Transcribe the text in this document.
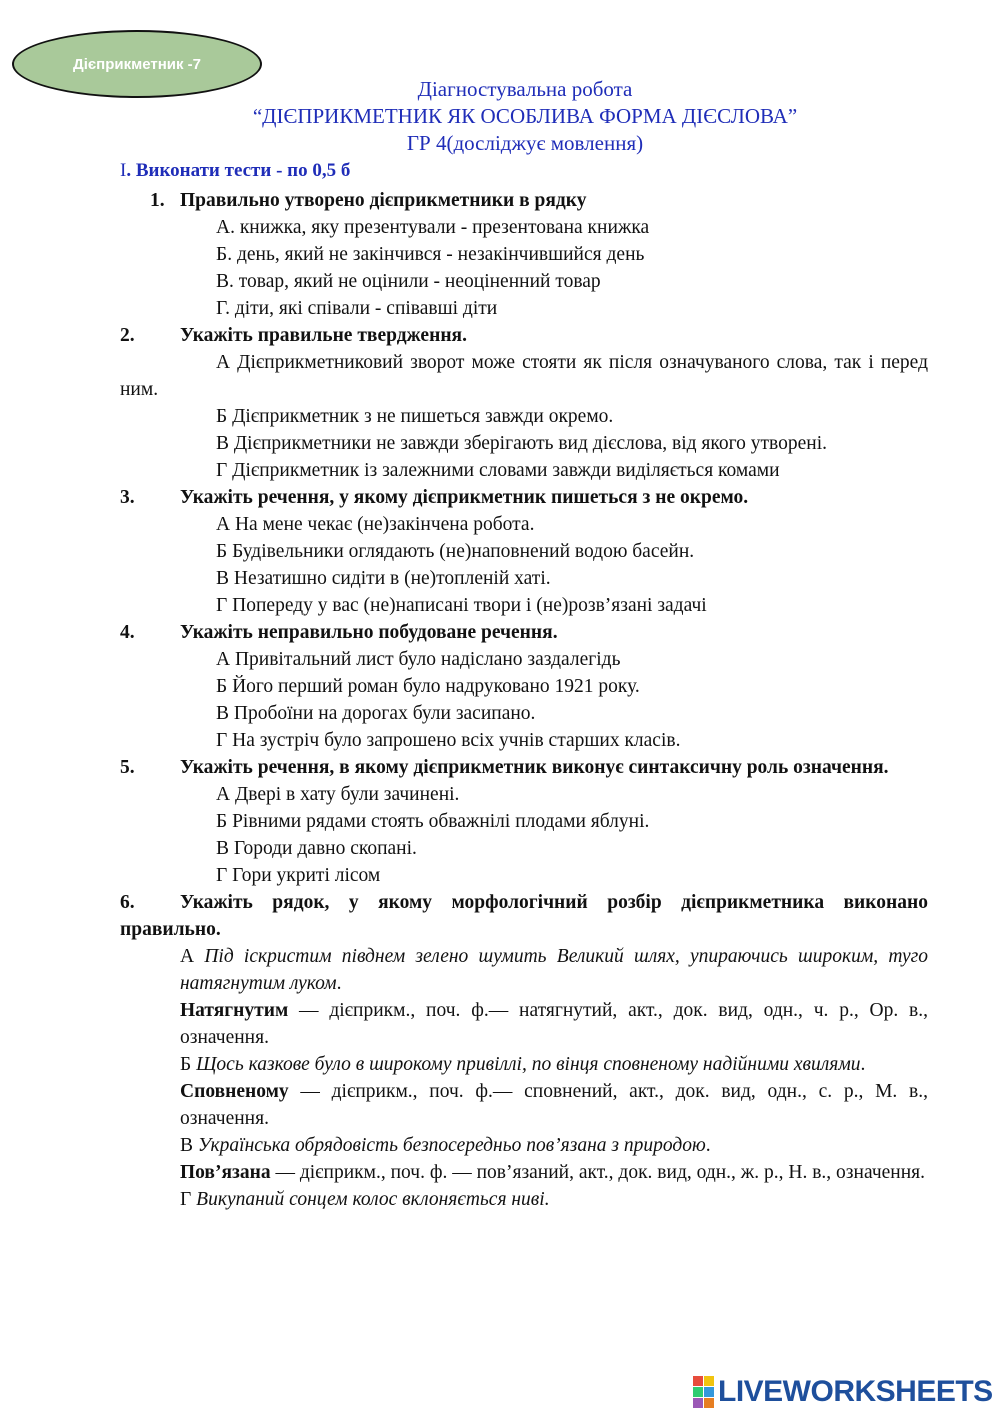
Дієприкметник -7
Діагностувальна робота
“ДІЄПРИКМЕТНИК ЯК ОСОБЛИВА ФОРМА ДІЄСЛОВА”
ГР 4(досліджує мовлення)
І. Виконати тести - по 0,5 б
1. Правильно утворено дієприкметники в рядку
А. книжка, яку презентували - презентована книжка
Б. день, який не закінчився - незакінчившийся день
В. товар, який не оцінили - неоціненний товар
Г. діти, які співали - співавші діти
2. Укажіть правильне твердження.
А Дієприкметниковий зворот може стояти як після означуваного слова, так і перед ним.
Б Дієприкметник з не пишеться завжди окремо.
В Дієприкметники не завжди зберігають вид дієслова, від якого утворені.
Г Дієприкметник із залежними словами завжди виділяється комами
3. Укажіть речення, у якому дієприкметник пишеться з не окремо.
А На мене чекає (не)закінчена робота.
Б Будівельники оглядають (не)наповнений водою басейн.
В Незатишно сидіти в (не)топленій хаті.
Г Попереду у вас (не)написані твори і (не)розв’язані задачі
4. Укажіть неправильно побудоване речення.
А Привітальний лист було надіслано заздалегідь
Б Його перший роман було надруковано 1921 року.
В Пробоїни на дорогах були засипано.
Г На зустріч було запрошено всіх учнів старших класів.
5. Укажіть речення, в якому дієприкметник виконує синтаксичну роль означення.
А Двері в хату були зачинені.
Б Рівними рядами стоять обважнілі плодами яблуні.
В Городи давно скопані.
Г Гори укриті лісом
6. Укажіть рядок, у якому морфологічний розбір дієприкметника виконано правильно.
А Під іскристим півднем зелено шумить Великий шлях, упираючись широким, туго натягнутим луком.
Натягнутим — дієприкм., поч. ф.— натягнутий, акт., док. вид, одн., ч. р., Ор. в., означення.
Б Щось казкове було в широкому привіллі, по вінця сповненому надійними хвилями.
Сповненому — дієприкм., поч. ф.— сповнений, акт., док. вид, одн., с. р., М. в., означення.
В Українська обрядовість безпосередньо пов’язана з природою.
Пов’язана — дієприкм., поч. ф. — пов’язаний, акт., док. вид, одн., ж. р., Н. в., означення.
Г Викупаний сонцем колос вклоняється ниві.
LIVEWORKSHEETS
